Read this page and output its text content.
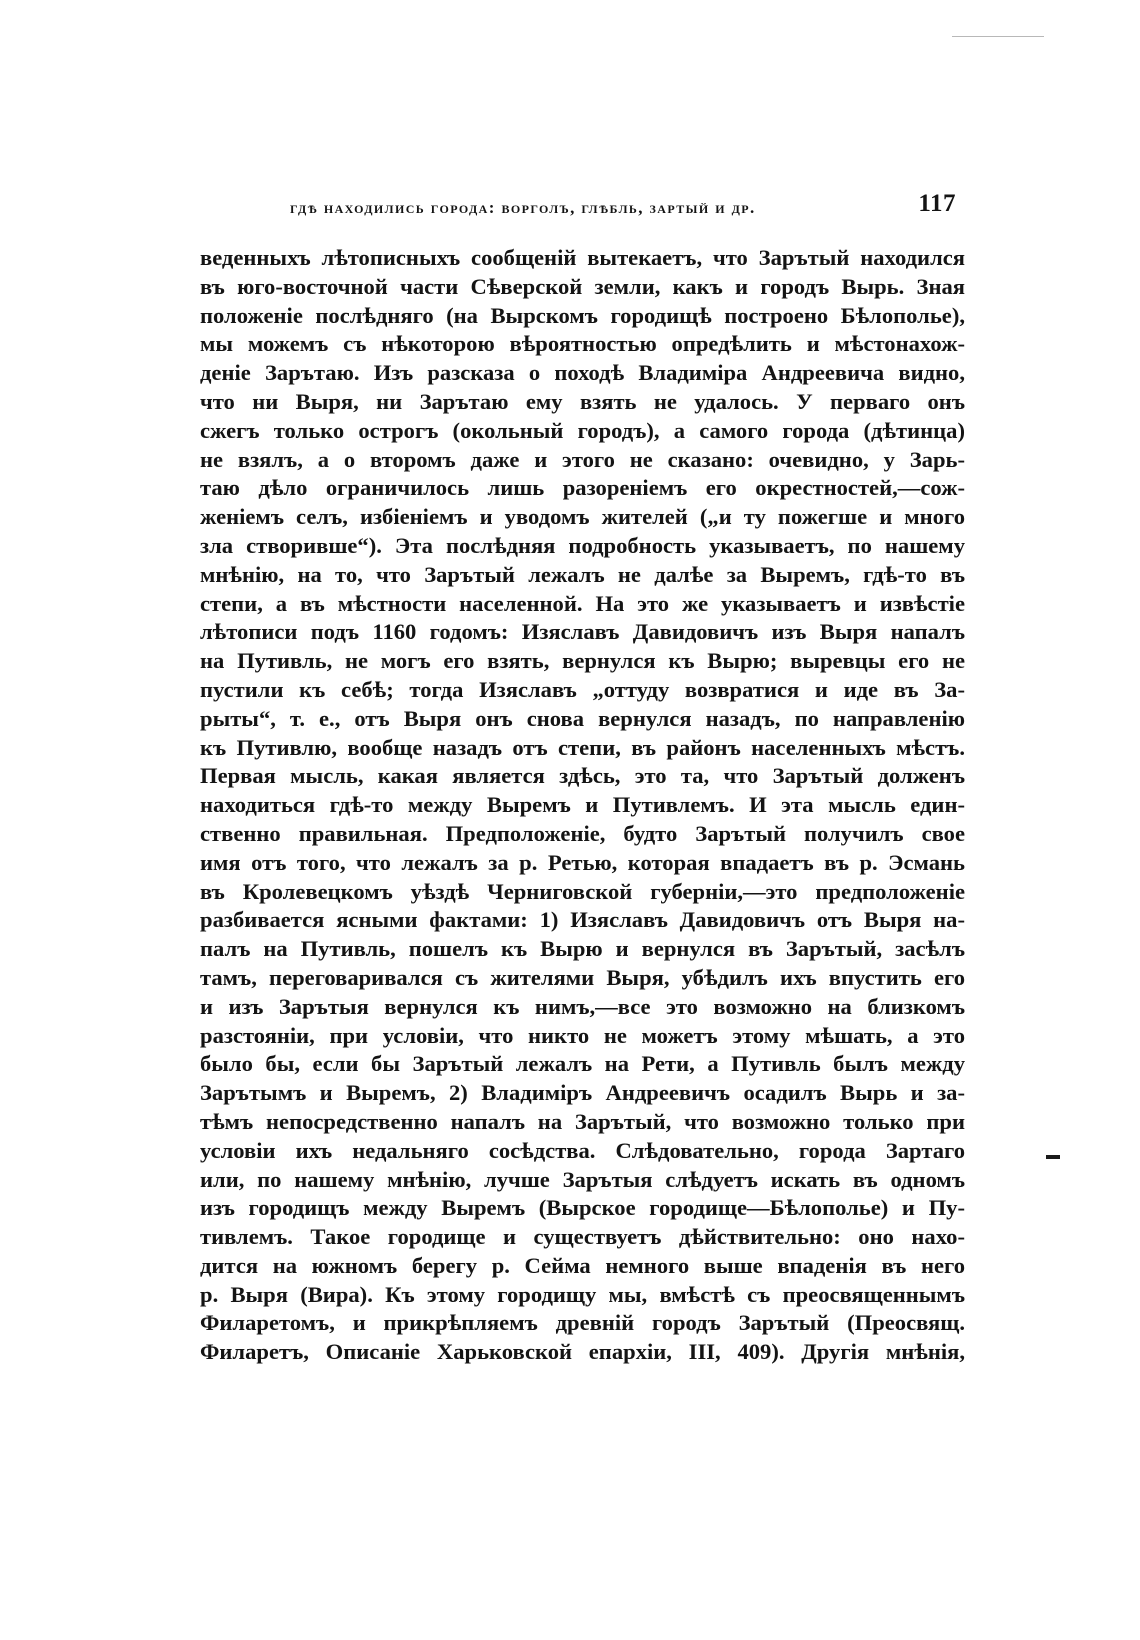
гдѣ находились города: ворголъ, глѣбль, зартый и др.	117
веденныхъ лѣтописныхъ сообщеній вытекаетъ, что Зарътый находился
въ юго-восточной части Сѣверской земли, какъ и городъ Вырь. Зная
положеніе послѣдняго (на Вырскомъ городищѣ построено Бѣлополье),
мы можемъ съ нѣкоторою вѣроятностью опредѣлить и мѣстонахож-
деніе Зарътаю. Изъ разсказа о походѣ Владиміра Андреевича видно,
что ни Выря, ни Зарътаю ему взять не удалось. У перваго онъ
сжегъ только острогъ (окольный городъ), а самого города (дѣтинца)
не взялъ, а о второмъ даже и этого не сказано: очевидно, у Зарь-
таю дѣло ограничилось лишь разореніемъ его окрестностей,—сож-
женіемъ селъ, избіеніемъ и уводомъ жителей („и ту пожегше и много
зла створивше“). Эта послѣдняя подробность указываетъ, по нашему
мнѣнію, на то, что Зарътый лежалъ не далѣе за Выремъ, гдѣ-то въ
степи, а въ мѣстности населенной. На это же указываетъ и извѣстіе
лѣтописи подъ 1160 годомъ: Изяславъ Давидовичъ изъ Выря напалъ
на Путивль, не могъ его взять, вернулся къ Вырю; выревцы его не
пустили къ себѣ; тогда Изяславъ „оттуду возвратися и иде въ За-
рыты“, т. е., отъ Выря онъ снова вернулся назадъ, по направленію
къ Путивлю, вообще назадъ отъ степи, въ районъ населенныхъ мѣстъ.
Первая мысль, какая является здѣсь, это та, что Зарътый долженъ
находиться гдѣ-то между Выремъ и Путивлемъ. И эта мысль един-
ственно правильная. Предположеніе, будто Зарътый получилъ свое
имя отъ того, что лежалъ за р. Ретью, которая впадаетъ въ р. Эсмань
въ Кролевецкомъ уѣздѣ Черниговской губерніи,—это предположеніе
разбивается ясными фактами: 1) Изяславъ Давидовичъ отъ Выря на-
палъ на Путивль, пошелъ къ Вырю и вернулся въ Зарътый, засѣлъ
тамъ, переговаривался съ жителями Выря, убѣдилъ ихъ впустить его
и изъ Зарътыя вернулся къ нимъ,—все это возможно на близкомъ
разстояніи, при условіи, что никто не можетъ этому мѣшать, а это
было бы, если бы Зарътый лежалъ на Рети, а Путивль былъ между
Зарътымъ и Выремъ, 2) Владиміръ Андреевичъ осадилъ Вырь и за-
тѣмъ непосредственно напалъ на Зарътый, что возможно только при
условіи ихъ недальняго сосѣдства. Слѣдовательно, города Зартаго
или, по нашему мнѣнію, лучше Зарътыя слѣдуетъ искать въ одномъ
изъ городищъ между Выремъ (Вырское городище—Бѣлополье) и Пу-
тивлемъ. Такое городище и существуетъ дѣйствительно: оно нахо-
дится на южномъ берегу р. Сейма немного выше впаденія въ него
р. Выря (Вира). Къ этому городищу мы, вмѣстѣ съ преосвященнымъ
Филаретомъ, и прикрѣпляемъ древній городъ Зарътый (Преосвящ.
Филаретъ, Описаніе Харьковской епархіи, III, 409). Другія мнѣнія,
